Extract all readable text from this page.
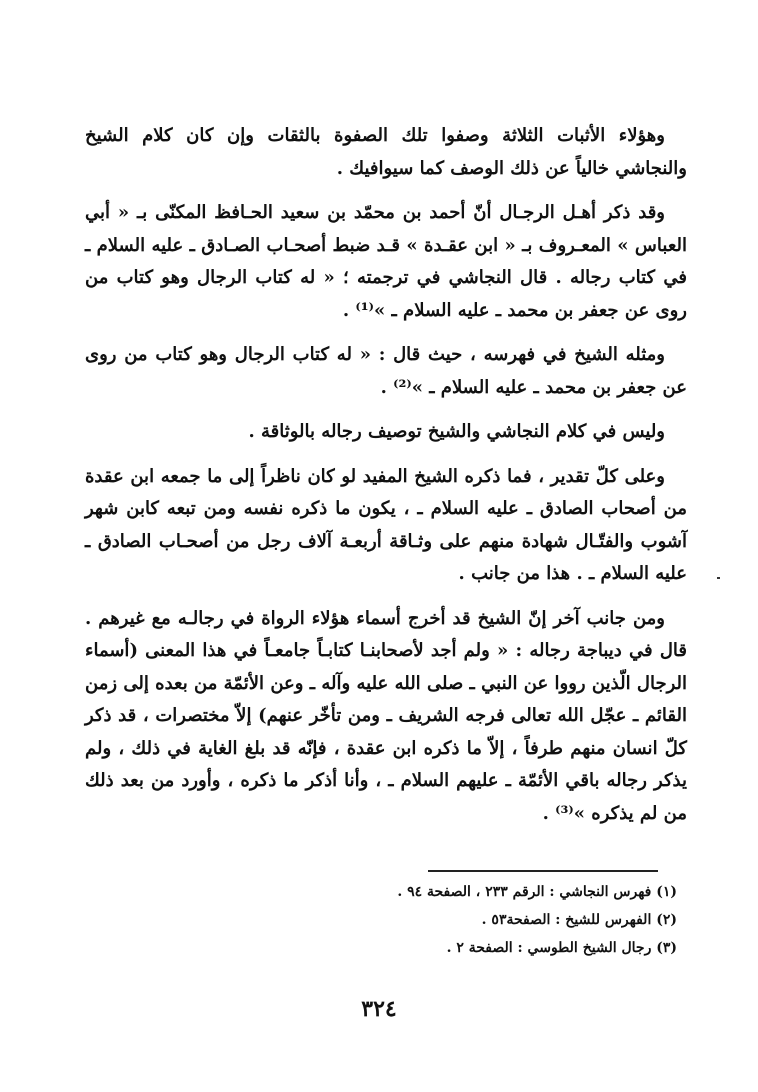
وهؤلاء الأثبات الثلاثة وصفوا تلك الصفوة بالثقات وإن كان كلام الشيخ والنجاشي خالياً عن ذلك الوصف كما سيوافيك .

وقد ذكر أهـل الرجـال أنّ أحمد بن محمّد بن سعيد الحـافظ المكنّى بـ « أبي العباس » المعـروف بـ « ابن عقـدة » قـد ضبط أصحـاب الصـادق ـ عليه السلام ـ في كتاب رجاله . قال النجاشي في ترجمته ؛ « له كتاب الرجال وهو كتاب من روى عن جعفر بن محمد ـ عليه السلام ـ »⁽¹⁾ .

ومثله الشيخ في فهرسه ، حيث قال : « له كتاب الرجال وهو كتاب من روى عن جعفر بن محمد ـ عليه السلام ـ »⁽²⁾ .

وليس في كلام النجاشي والشيخ توصيف رجاله بالوثاقة .

وعلى كلّ تقدير ، فما ذكره الشيخ المفيد لو كان ناظراً إلى ما جمعه ابن عقدة من أصحاب الصادق ـ عليه السلام ـ ، يكون ما ذكره نفسه ومن تبعه كابن شهر آشوب والفتّـال شهادة منهم على وثـاقة أربعـة آلاف رجل من أصحـاب الصادق ـ عليه السلام ـ . هذا من جانب .

ومن جانب آخر إنّ الشيخ قد أخرج أسماء هؤلاء الرواة في رجالـه مع غيرهم . قال في ديباجة رجاله : « ولم أجد لأصحابنـا كتابـاً جامعـاً في هذا المعنى (أسماء الرجال الّذين رووا عن النبي ـ صلى الله عليه وآله ـ وعن الأئمّة من بعده إلى زمن القائم ـ عجّل الله تعالى فرجه الشريف ـ ومن تأخّر عنهم) إلاّ مختصرات ، قد ذكر كلّ انسان منهم طرفاً ، إلاّ ما ذكره ابن عقدة ، فإنّه قد بلغ الغاية في ذلك ، ولم يذكر رجاله باقي الأئمّة ـ عليهم السلام ـ ، وأنا أذكر ما ذكره ، وأورد من بعد ذلك من لم يذكره »⁽³⁾ .

(١) فهرس النجاشي : الرقم ٢٣٣ ، الصفحة ٩٤ .

(٢) الفهرس للشيخ : الصفحة٥٣ .

(٣) رجال الشيخ الطوسي : الصفحة ٢ .

٣٢٤
